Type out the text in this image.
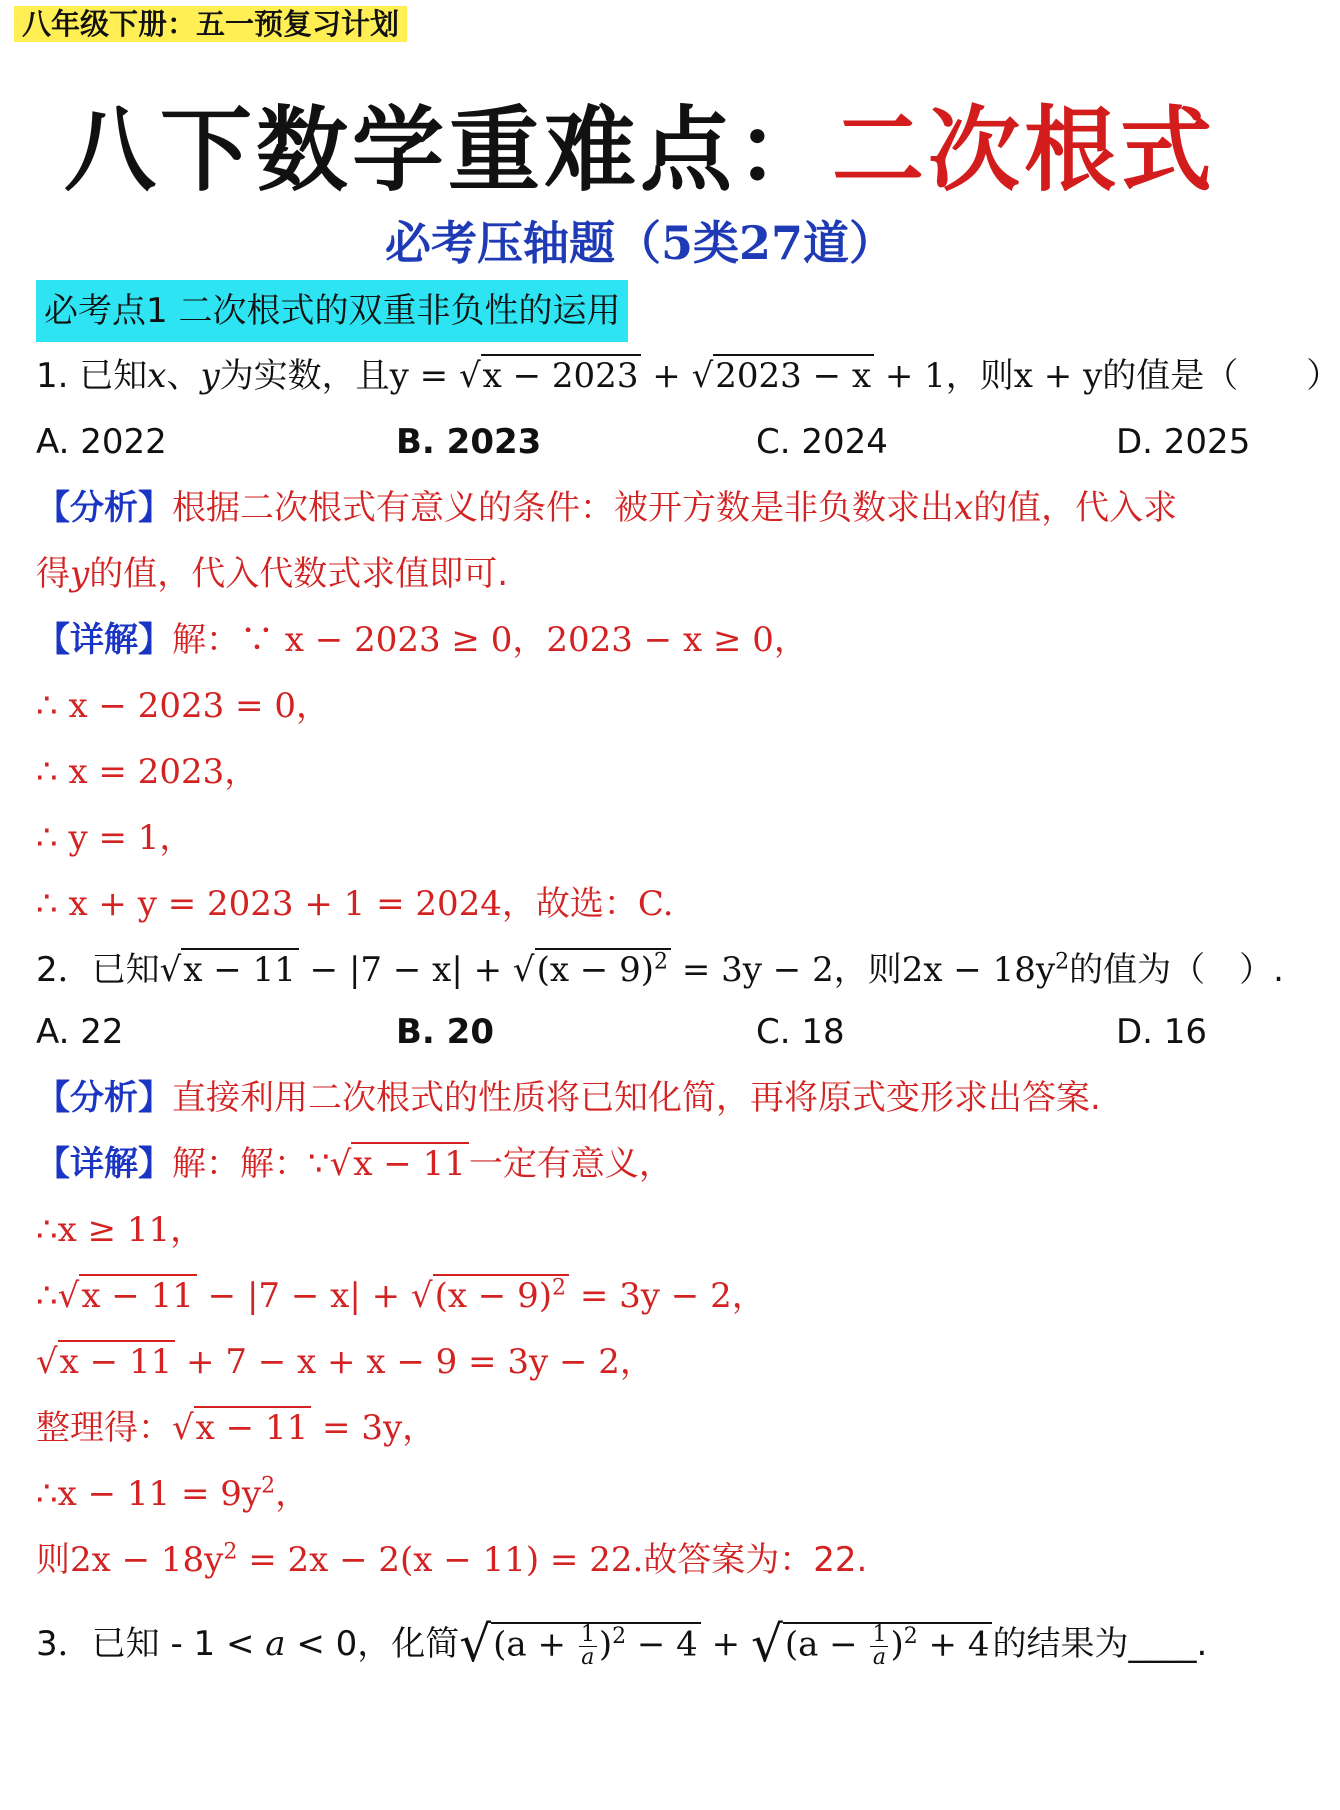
八年级下册：五一预复习计划
八下数学重难点：二次根式
必考压轴题（5类27道）
必考点1 二次根式的双重非负性的运用
1. 已知x、y为实数，且y = √x − 2023 + √2023 − x + 1，则x + y的值是（　　）
A. 2022	B. 2023	C. 2024	D. 2025
【分析】根据二次根式有意义的条件：被开方数是非负数求出x的值，代入求
得y的值，代入代数式求值即可.
【详解】解：∵ x − 2023 ≥ 0，2023 − x ≥ 0，
∴ x − 2023 = 0，
∴ x = 2023，
∴ y = 1，
∴ x + y = 2023 + 1 = 2024，故选：C.
2．已知$√x - 11 - |7 - x| + √(x - 9)^2 = 3y - 2$，则$2x - 18y^2$的值为（　）.
A. 22	B. 20	C. 18	D. 16
【分析】直接利用二次根式的性质将已知化简，再将原式变形求出答案.
【详解】解：解：∵√x − 11一定有意义，
∴x ≥ 11，
∴√x − $11 - |7 - x| + √(x - 9)^2 = 3y - 2$，
√x − 11 + 7 − x + x − 9 = 3y − 2，
整理得：√x − 11 = 3y，
∴x − $11 = 9y^2$，
则$2x - 18y^2 = 2x - 2(x - 11) = 22$.故答案为：22.
3．已知 - 1 < a < 0，化简$√(a + \frac{1}{a} )^2 - 4 + √(a - \frac{1}{a} )^2 + 4$的结果为____.
